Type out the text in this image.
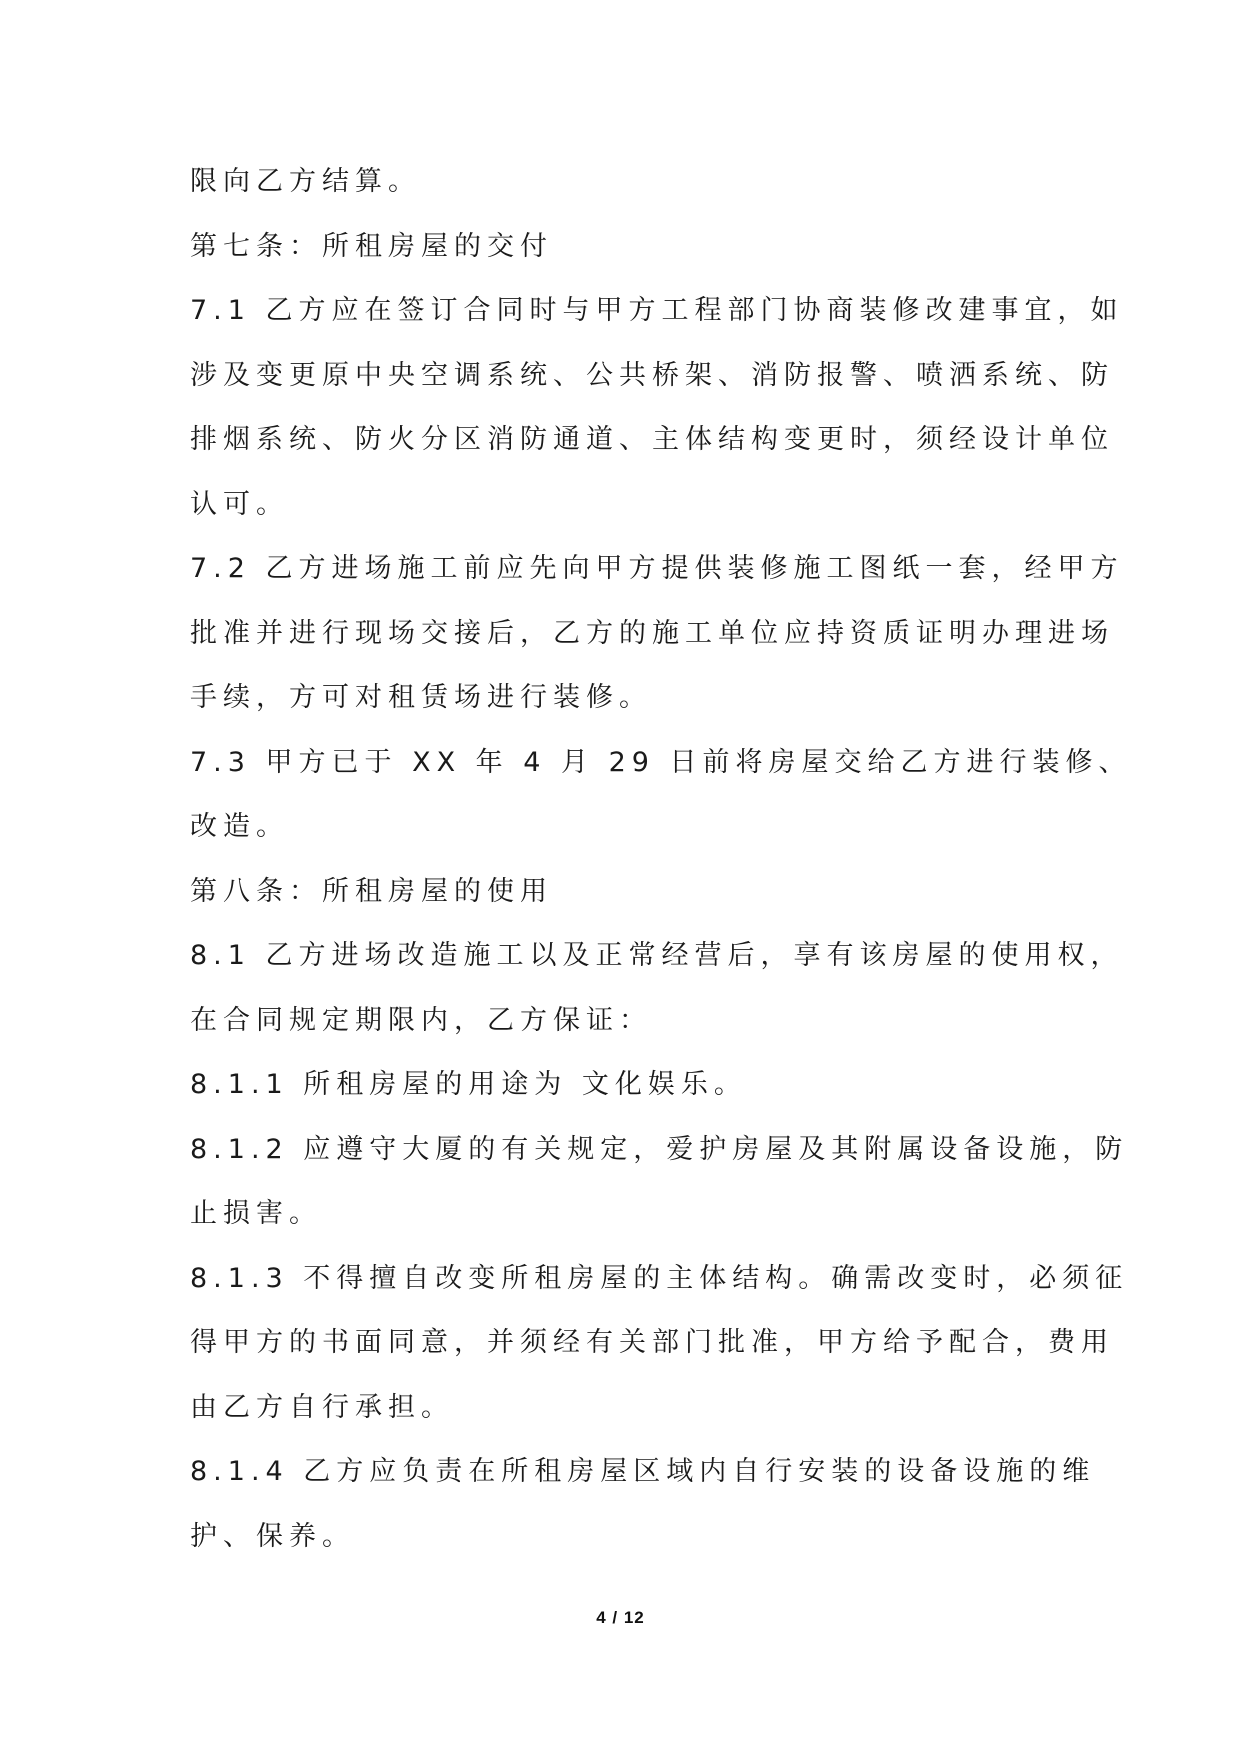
限向乙方结算。
第七条：所租房屋的交付
7.1 乙方应在签订合同时与甲方工程部门协商装修改建事宜，如
涉及变更原中央空调系统、公共桥架、消防报警、喷洒系统、防
排烟系统、防火分区消防通道、主体结构变更时，须经设计单位
认可。
7.2 乙方进场施工前应先向甲方提供装修施工图纸一套，经甲方
批准并进行现场交接后，乙方的施工单位应持资质证明办理进场
手续，方可对租赁场进行装修。
7.3 甲方已于 XX 年 4 月 29 日前将房屋交给乙方进行装修、
改造。
第八条：所租房屋的使用
8.1 乙方进场改造施工以及正常经营后，享有该房屋的使用权，
在合同规定期限内，乙方保证：
8.1.1 所租房屋的用途为 文化娱乐。
8.1.2 应遵守大厦的有关规定，爱护房屋及其附属设备设施，防
止损害。
8.1.3 不得擅自改变所租房屋的主体结构。确需改变时，必须征
得甲方的书面同意，并须经有关部门批准，甲方给予配合，费用
由乙方自行承担。
8.1.4 乙方应负责在所租房屋区域内自行安装的设备设施的维
护、保养。
4 / 12
